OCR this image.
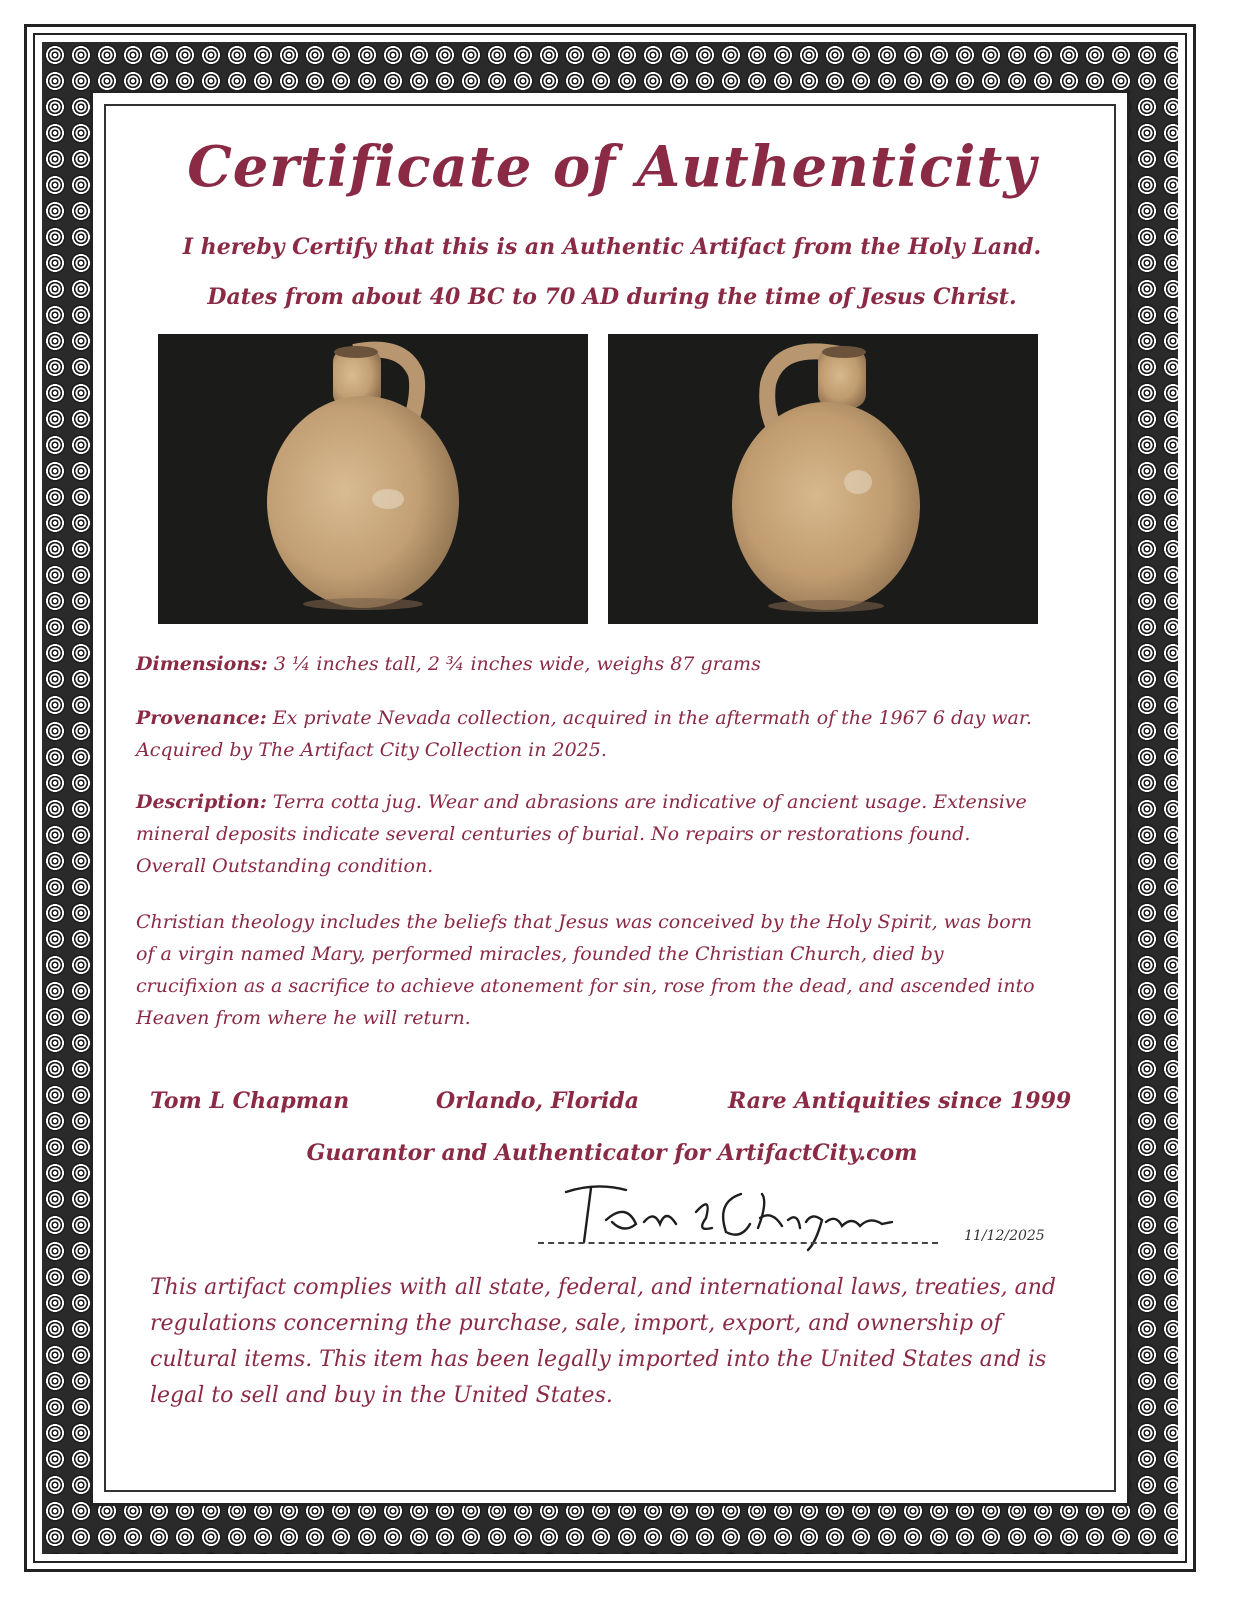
Certificate of Authenticity
I hereby Certify that this is an Authentic Artifact from the Holy Land.
Dates from about 40 BC to 70 AD during the time of Jesus Christ.
Dimensions: 3 ¼ inches tall, 2 ¾ inches wide, weighs 87 grams
Provenance: Ex private Nevada collection, acquired in the aftermath of the 1967 6 day war. Acquired by The Artifact City Collection in 2025.
Description: Terra cotta jug. Wear and abrasions are indicative of ancient usage. Extensive mineral deposits indicate several centuries of burial. No repairs or restorations found. Overall Outstanding condition.
Christian theology includes the beliefs that Jesus was conceived by the Holy Spirit, was born of a virgin named Mary, performed miracles, founded the Christian Church, died by crucifixion as a sacrifice to achieve atonement for sin, rose from the dead, and ascended into Heaven from where he will return.
Tom L Chapman	Orlando, Florida	Rare Antiquities since 1999
Guarantor and Authenticator for ArtifactCity.com
Tom L Chapman
11/12/2025
This artifact complies with all state, federal, and international laws, treaties, and regulations concerning the purchase, sale, import, export, and ownership of cultural items. This item has been legally imported into the United States and is legal to sell and buy in the United States.
